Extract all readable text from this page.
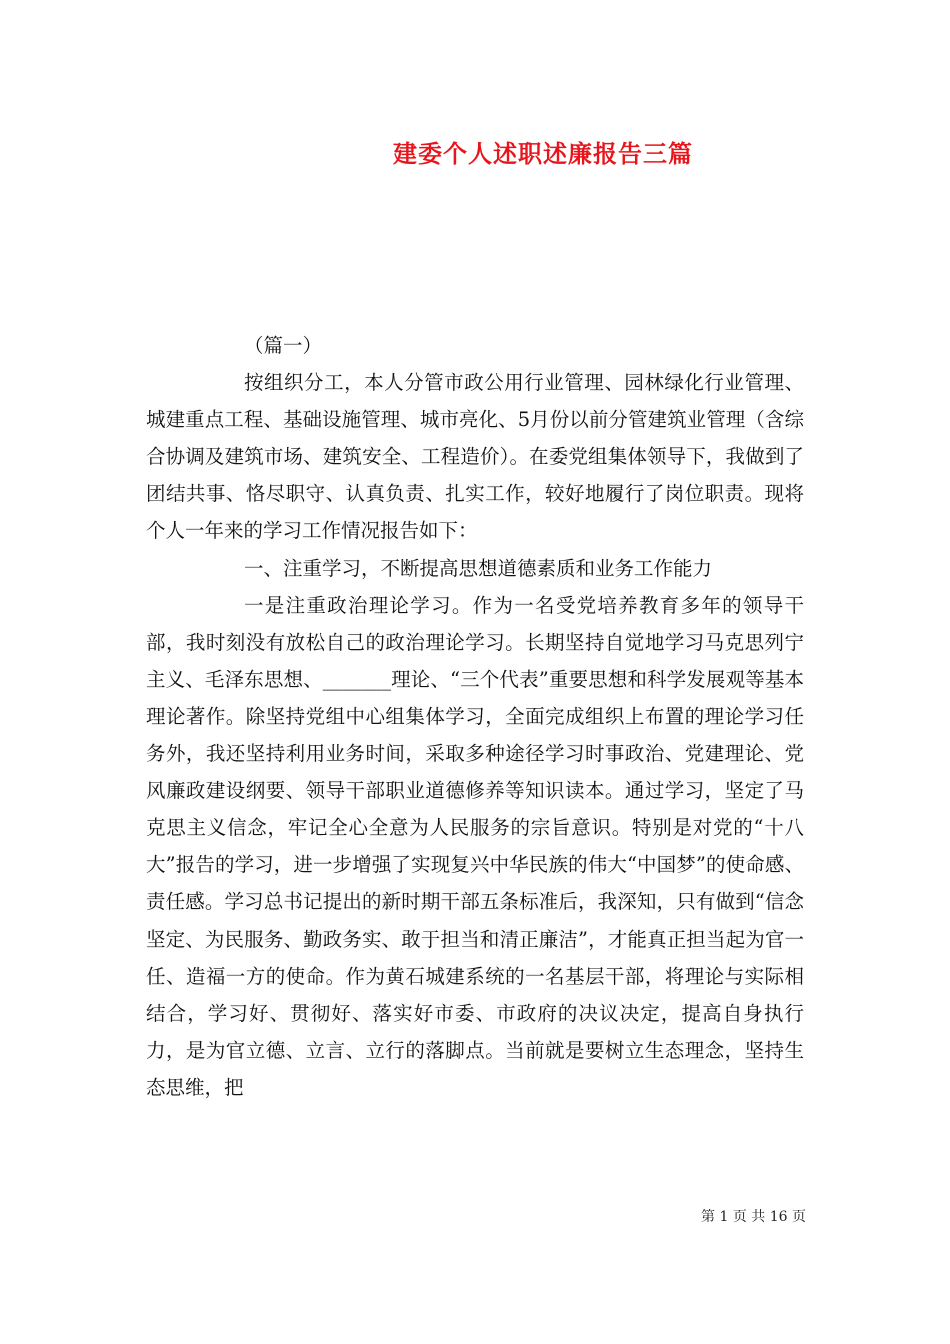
建委个人述职述廉报告三篇

（篇一）

按组织分工，本人分管市政公用行业管理、园林绿化行业管理、城建重点工程、基础设施管理、城市亮化、5月份以前分管建筑业管理（含综合协调及建筑市场、建筑安全、工程造价）。在委党组集体领导下，我做到了团结共事、恪尽职守、认真负责、扎实工作，较好地履行了岗位职责。现将个人一年来的学习工作情况报告如下：

一、注重学习，不断提高思想道德素质和业务工作能力

一是注重政治理论学习。作为一名受党培养教育多年的领导干部，我时刻没有放松自己的政治理论学习。长期坚持自觉地学习马克思列宁主义、毛泽东思想、_______理论、“三个代表”重要思想和科学发展观等基本理论著作。除坚持党组中心组集体学习，全面完成组织上布置的理论学习任务外，我还坚持利用业务时间，采取多种途径学习时事政治、党建理论、党风廉政建设纲要、领导干部职业道德修养等知识读本。通过学习，坚定了马克思主义信念，牢记全心全意为人民服务的宗旨意识。特别是对党的“十八大”报告的学习，进一步增强了实现复兴中华民族的伟大“中国梦”的使命感、责任感。学习总书记提出的新时期干部五条标准后，我深知，只有做到“信念坚定、为民服务、勤政务实、敢于担当和清正廉洁”，才能真正担当起为官一任、造福一方的使命。作为黄石城建系统的一名基层干部，将理论与实际相结合，学习好、贯彻好、落实好市委、市政府的决议决定，提高自身执行力，是为官立德、立言、立行的落脚点。当前就是要树立生态理念，坚持生态思维，把

第 1 页 共 16 页
